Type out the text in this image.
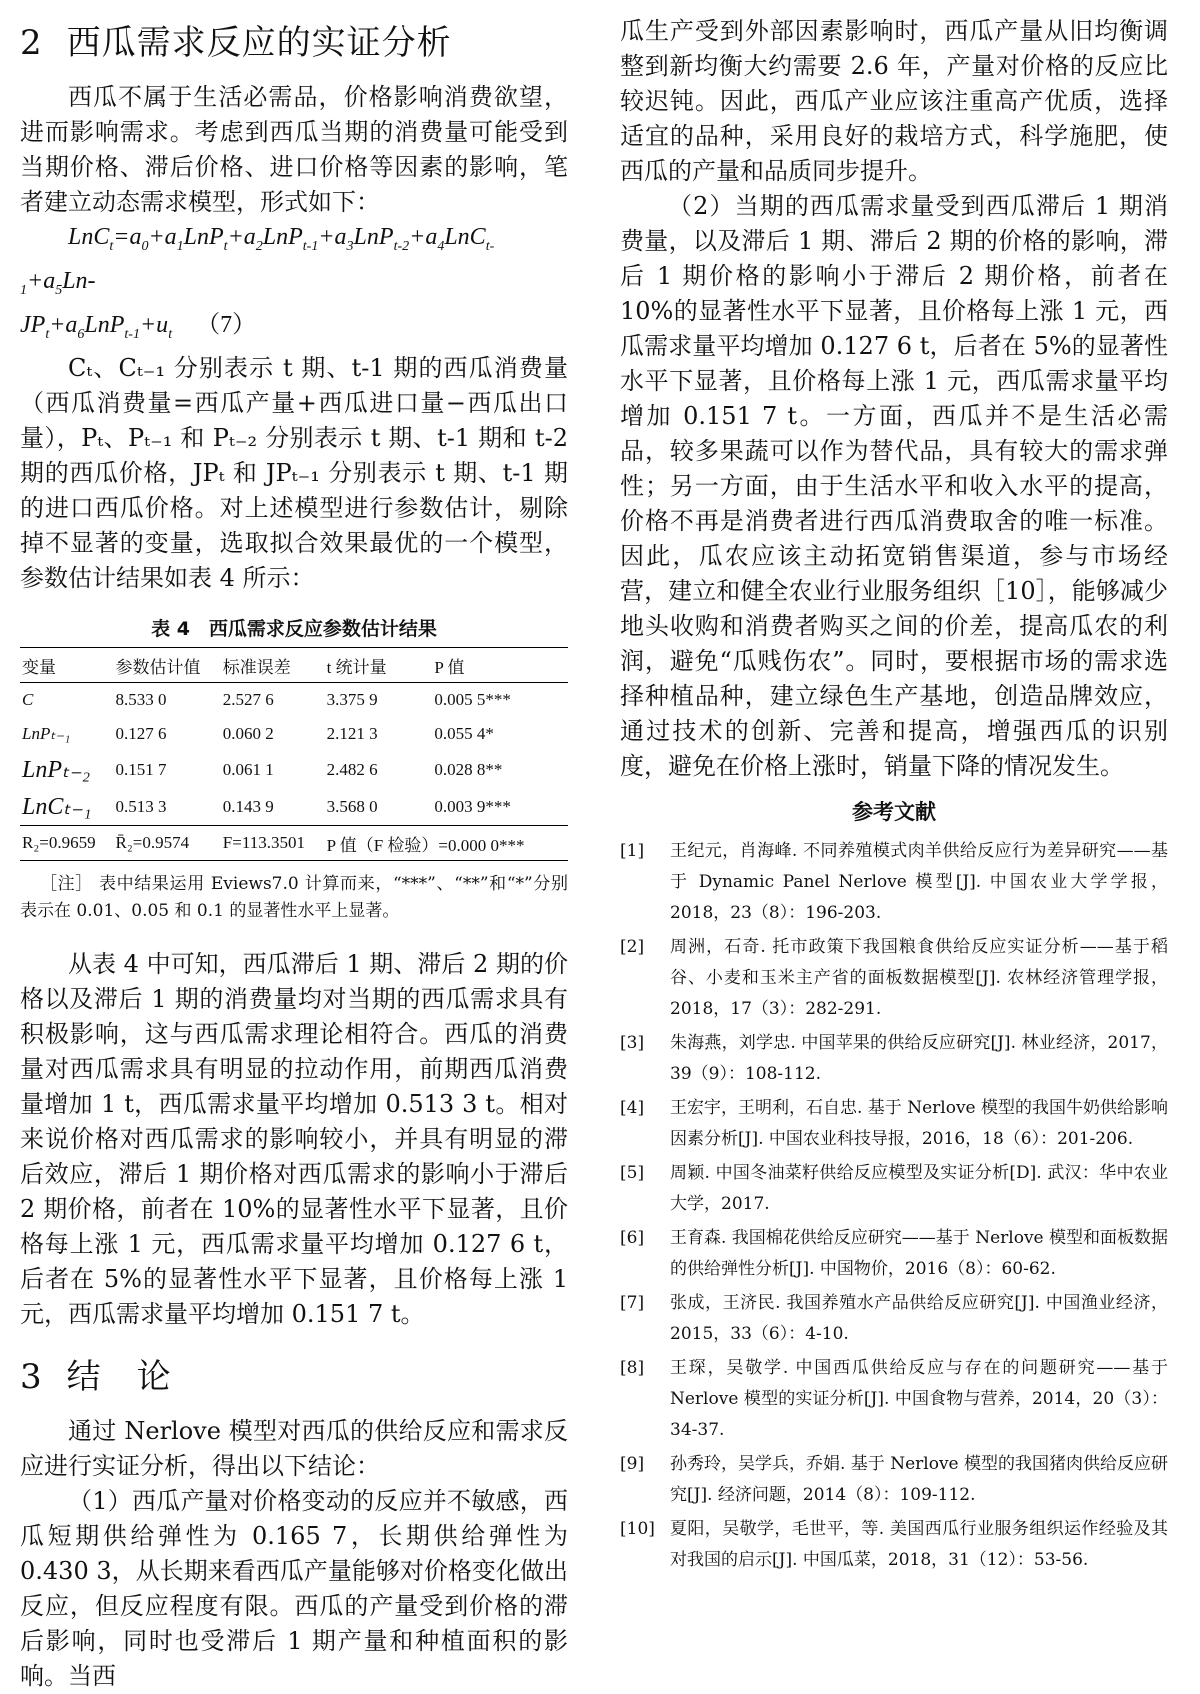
2 西瓜需求反应的实证分析

西瓜不属于生活必需品，价格影响消费欲望，进而影响需求。考虑到西瓜当期的消费量可能受到当期价格、滞后价格、进口价格等因素的影响，笔者建立动态需求模型，形式如下：

$LnC_t=a_0+a_1LnP_t+a_2LnP_{t-1}+a_3LnP_{t-2}+a_4LnC_{t-1}+a_5Ln-$

$JP_t+a_6LnP_{t-1}+u_t$ （7）

Cₜ、Cₜ₋₁ 分别表示 t 期、t-1 期的西瓜消费量（西瓜消费量=西瓜产量+西瓜进口量−西瓜出口量），Pₜ、Pₜ₋₁ 和 Pₜ₋₂ 分别表示 t 期、t-1 期和 t-2 期的西瓜价格，JPₜ 和 JPₜ₋₁ 分别表示 t 期、t-1 期的进口西瓜价格。对上述模型进行参数估计，剔除掉不显著的变量，选取拟合效果最优的一个模型，参数估计结果如表 4 所示：

表 4　西瓜需求反应参数估计结果
变量	参数估计值	标准误差	t 统计量	P 值
C	8.533 0	2.527 6	3.375 9	0.005 5***
LnPₜ₋₁	0.127 6	0.060 2	2.121 3	0.055 4*
LnPₜ₋₂	0.151 7	0.061 1	2.482 6	0.028 8**
LnCₜ₋₁	0.513 3	0.143 9	3.568 0	0.003 9***
R₂=0.9659	R̄₂=0.9574	F=113.3501	P 值（F 检验）=0.000 0***	

［注］ 表中结果运用 Eviews7.0 计算而来，“***”、“**”和“*”分别表示在 0.01、0.05 和 0.1 的显著性水平上显著。

从表 4 中可知，西瓜滞后 1 期、滞后 2 期的价格以及滞后 1 期的消费量均对当期的西瓜需求具有积极影响，这与西瓜需求理论相符合。西瓜的消费量对西瓜需求具有明显的拉动作用，前期西瓜消费量增加 1 t，西瓜需求量平均增加 0.513 3 t。相对来说价格对西瓜需求的影响较小，并具有明显的滞后效应，滞后 1 期价格对西瓜需求的影响小于滞后 2 期价格，前者在 10%的显著性水平下显著，且价格每上涨 1 元，西瓜需求量平均增加 0.127 6 t，后者在 5%的显著性水平下显著，且价格每上涨 1 元，西瓜需求量平均增加 0.151 7 t。

3 结　论

通过 Nerlove 模型对西瓜的供给反应和需求反应进行实证分析，得出以下结论：

（1）西瓜产量对价格变动的反应并不敏感，西瓜短期供给弹性为 0.165 7，长期供给弹性为 0.430 3，从长期来看西瓜产量能够对价格变化做出反应，但反应程度有限。西瓜的产量受到价格的滞后影响，同时也受滞后 1 期产量和种植面积的影响。当西

瓜生产受到外部因素影响时，西瓜产量从旧均衡调整到新均衡大约需要 2.6 年，产量对价格的反应比较迟钝。因此，西瓜产业应该注重高产优质，选择适宜的品种，采用良好的栽培方式，科学施肥，使西瓜的产量和品质同步提升。

（2）当期的西瓜需求量受到西瓜滞后 1 期消费量，以及滞后 1 期、滞后 2 期的价格的影响，滞后 1 期价格的影响小于滞后 2 期价格，前者在 10%的显著性水平下显著，且价格每上涨 1 元，西瓜需求量平均增加 0.127 6 t，后者在 5%的显著性水平下显著，且价格每上涨 1 元，西瓜需求量平均增加 0.151 7 t。一方面，西瓜并不是生活必需品，较多果蔬可以作为替代品，具有较大的需求弹性；另一方面，由于生活水平和收入水平的提高，价格不再是消费者进行西瓜消费取舍的唯一标准。因此，瓜农应该主动拓宽销售渠道，参与市场经营，建立和健全农业行业服务组织［10］，能够减少地头收购和消费者购买之间的价差，提高瓜农的利润，避免“瓜贱伤农”。同时，要根据市场的需求选择种植品种，建立绿色生产基地，创造品牌效应，通过技术的创新、完善和提高，增强西瓜的识别度，避免在价格上涨时，销量下降的情况发生。

参考文献
[1]	王纪元，肖海峰. 不同养殖模式肉羊供给反应行为差异研究——基于 Dynamic Panel Nerlove 模型[J]. 中国农业大学学报，2018，23（8）：196-203.
[2]	周洲，石奇. 托市政策下我国粮食供给反应实证分析——基于稻谷、小麦和玉米主产省的面板数据模型[J]. 农林经济管理学报，2018，17（3）：282-291.
[3]	朱海燕，刘学忠. 中国苹果的供给反应研究[J]. 林业经济，2017，39（9）：108-112.
[4]	王宏宇，王明利，石自忠. 基于 Nerlove 模型的我国牛奶供给影响因素分析[J]. 中国农业科技导报，2016，18（6）：201-206.
[5]	周颖. 中国冬油菜籽供给反应模型及实证分析[D]. 武汉：华中农业大学，2017.
[6]	王育森. 我国棉花供给反应研究——基于 Nerlove 模型和面板数据的供给弹性分析[J]. 中国物价，2016（8）：60-62.
[7]	张成，王济民. 我国养殖水产品供给反应研究[J]. 中国渔业经济，2015，33（6）：4-10.
[8]	王琛，吴敬学. 中国西瓜供给反应与存在的问题研究——基于 Nerlove 模型的实证分析[J]. 中国食物与营养，2014，20（3）：34-37.
[9]	孙秀玲，吴学兵，乔娟. 基于 Nerlove 模型的我国猪肉供给反应研究[J]. 经济问题，2014（8）：109-112.
[10] 夏阳，吴敬学，毛世平，等. 美国西瓜行业服务组织运作经验及其对我国的启示[J]. 中国瓜菜，2018，31（12）：53-56.
